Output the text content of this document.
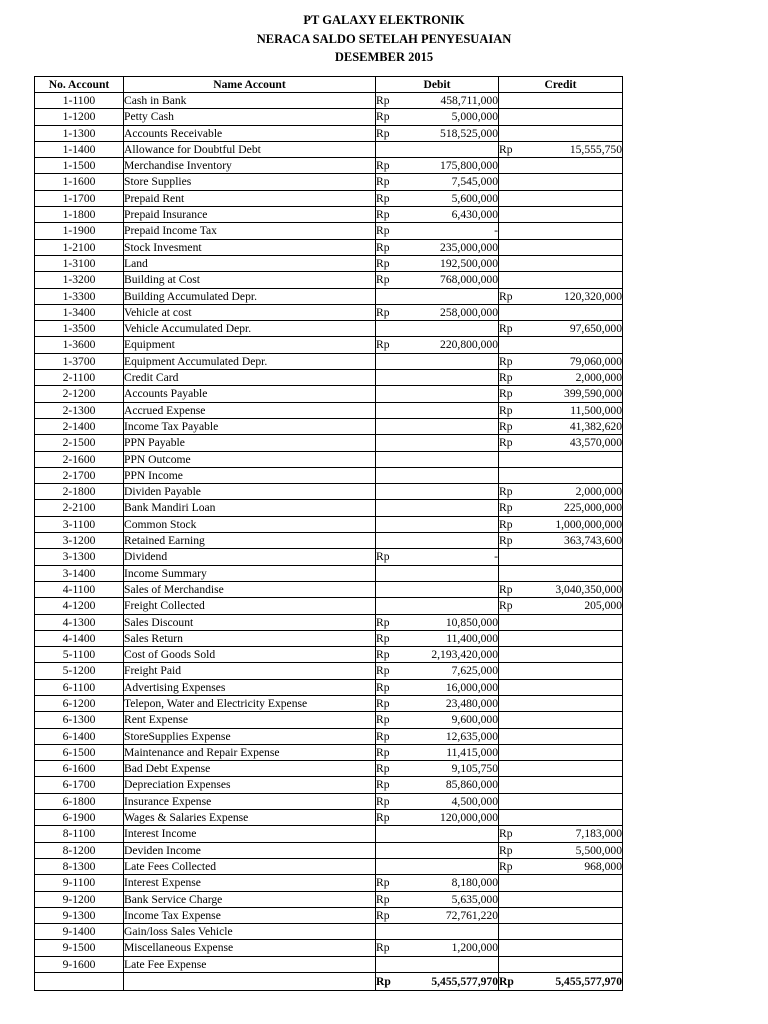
PT GALAXY ELEKTRONIK
NERACA SALDO SETELAH PENYESUAIAN
DESEMBER 2015
No. Account	Name Account	Debit		Credit	
1-1100	Cash in Bank	Rp	458,711,000		
1-1200	Petty Cash	Rp	5,000,000		
1-1300	Accounts Receivable	Rp	518,525,000		
1-1400	Allowance for Doubtful Debt			Rp	15,555,750
1-1500	Merchandise Inventory	Rp	175,800,000		
1-1600	Store Supplies	Rp	7,545,000		
1-1700	Prepaid Rent	Rp	5,600,000		
1-1800	Prepaid Insurance	Rp	6,430,000		
1-1900	Prepaid Income Tax	Rp	-		
1-2100	Stock Invesment	Rp	235,000,000		
1-3100	Land	Rp	192,500,000		
1-3200	Building at Cost	Rp	768,000,000		
1-3300	Building Accumulated Depr.			Rp	120,320,000
1-3400	Vehicle at cost	Rp	258,000,000		
1-3500	Vehicle Accumulated Depr.			Rp	97,650,000
1-3600	Equipment	Rp	220,800,000		
1-3700	Equipment Accumulated Depr.			Rp	79,060,000
2-1100	Credit Card			Rp	2,000,000
2-1200	Accounts Payable			Rp	399,590,000
2-1300	Accrued Expense			Rp	11,500,000
2-1400	Income Tax Payable			Rp	41,382,620
2-1500	PPN Payable			Rp	43,570,000
2-1600	PPN Outcome				
2-1700	PPN Income				
2-1800	Dividen Payable			Rp	2,000,000
2-2100	Bank Mandiri Loan			Rp	225,000,000
3-1100	Common Stock			Rp	1,000,000,000
3-1200	Retained Earning			Rp	363,743,600
3-1300	Dividend	Rp	-		
3-1400	Income Summary				
4-1100	Sales of Merchandise			Rp	3,040,350,000
4-1200	Freight Collected			Rp	205,000
4-1300	Sales Discount	Rp	10,850,000		
4-1400	Sales Return	Rp	11,400,000		
5-1100	Cost of Goods Sold	Rp	2,193,420,000		
5-1200	Freight Paid	Rp	7,625,000		
6-1100	Advertising Expenses	Rp	16,000,000		
6-1200	Telepon, Water and Electricity Expense	Rp	23,480,000		
6-1300	Rent Expense	Rp	9,600,000		
6-1400	StoreSupplies Expense	Rp	12,635,000		
6-1500	Maintenance and Repair Expense	Rp	11,415,000		
6-1600	Bad Debt Expense	Rp	9,105,750		
6-1700	Depreciation Expenses	Rp	85,860,000		
6-1800	Insurance Expense	Rp	4,500,000		
6-1900	Wages & Salaries Expense	Rp	120,000,000		
8-1100	Interest Income			Rp	7,183,000
8-1200	Deviden Income			Rp	5,500,000
8-1300	Late Fees Collected			Rp	968,000
9-1100	Interest Expense	Rp	8,180,000		
9-1200	Bank Service Charge	Rp	5,635,000		
9-1300	Income Tax Expense	Rp	72,761,220		
9-1400	Gain/loss Sales Vehicle				
9-1500	Miscellaneous Expense	Rp	1,200,000		
9-1600	Late Fee Expense				
		Rp	5,455,577,970	Rp	5,455,577,970
